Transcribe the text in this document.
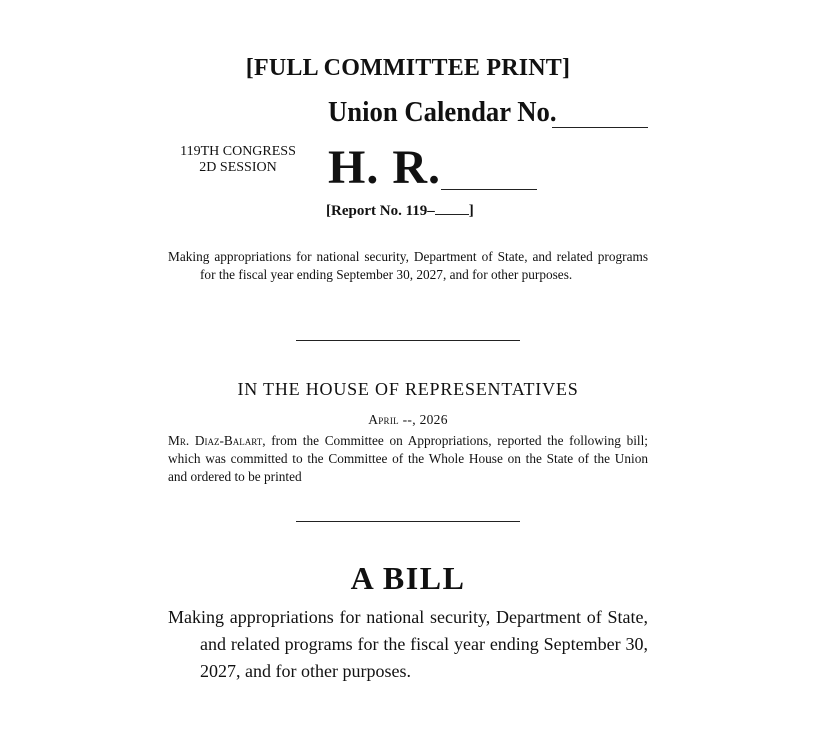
[FULL COMMITTEE PRINT]
Union Calendar No.
119TH CONGRESS
2D SESSION	H. R.
[Report No. 119– ]
Making appropriations for national security, Department of State, and related programs for the fiscal year ending September 30, 2027, and for other purposes.
IN THE HOUSE OF REPRESENTATIVES
April --, 2026
Mr. Diaz-Balart, from the Committee on Appropriations, reported the following bill; which was committed to the Committee of the Whole House on the State of the Union and ordered to be printed
A BILL
Making appropriations for national security, Department of State, and related programs for the fiscal year ending September 30, 2027, and for other purposes.
